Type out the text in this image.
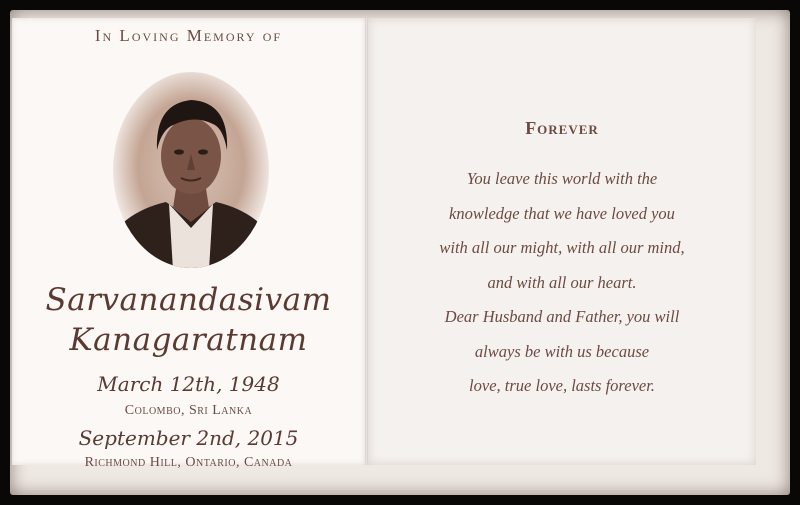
In Loving Memory of
Sarvanandasivam
Kanagaratnam
March 12th, 1948
Colombo, Sri Lanka
September 2nd, 2015
Richmond Hill, Ontario, Canada
Forever
You leave this world with the
knowledge that we have loved you
with all our might, with all our mind,
and with all our heart.
Dear Husband and Father, you will
always be with us because
love, true love, lasts forever.
